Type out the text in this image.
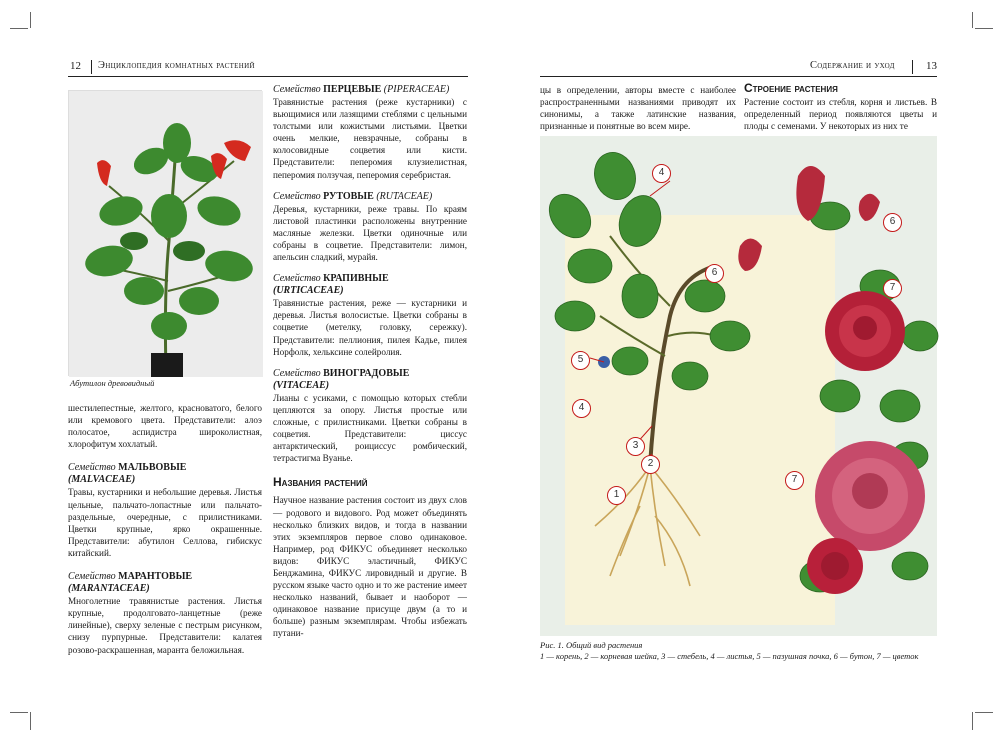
12 Энциклопедия комнатных растений
Абутилон древовидный

шестилепестные, желтого, красноватого, белого или кремового цвета. Представители: алоэ полосатое, аспидистра широколистная, хлорофитум хохлатый.

Семейство МАЛЬВОВЫЕ
(MALVACEAE)

Травы, кустарники и небольшие деревья. Листья цельные, пальчато-лопастные или пальчато-раздельные, очередные, с прилистниками. Цветки крупные, ярко окрашенные. Представители: абутилон Селлова, гибискус китайский.

Семейство МАРАНТОВЫЕ
(MARANTACEAE)

Многолетние травянистые растения. Листья крупные, продолговато-ланцетные (реже линейные), сверху зеленые с пестрым рисунком, снизу пурпурные. Представители: калатея розово-раскрашенная, маранта беложильная.

Семейство ПЕРЦЕВЫЕ (PIPERACEAE)

Травянистые растения (реже кустарники) с вьющимися или лазящими стеблями с цельными толстыми или кожистыми листьями. Цветки очень мелкие, невзрачные, собраны в колосовидные соцветия или кисти. Представители: пеперомия клузиелистная, пеперомия ползучая, пеперомия серебристая.

Семейство РУТОВЫЕ (RUTACEAE)

Деревья, кустарники, реже травы. По краям листовой пластинки расположены внутренние масляные железки. Цветки одиночные или собраны в соцветие. Представители: лимон, апельсин сладкий, мурайя.

Семейство КРАПИВНЫЕ
(URTICACEAE)

Травянистые растения, реже — кустарники и деревья. Листья волосистые. Цветки собраны в соцветие (метелку, головку, сережку). Представители: пеллиония, пилея Кадье, пилея Норфолк, хельксине солейролия.

Семейство ВИНОГРАДОВЫЕ
(VITACEAE)

Лианы с усиками, с помощью которых стебли цепляются за опору. Листья простые или сложные, с прилистниками. Цветки собраны в соцветия. Представители: циссус антарктический, роициссус ромбический, тетрастигма Вуанье.

Названия растений

Научное название растения состоит из двух слов — родового и видового. Род может объединять несколько близких видов, и тогда в названии этих экземпляров первое слово одинаковое. Например, род ФИКУС объединяет несколько видов: ФИКУС эластичный, ФИКУС Бенджамина, ФИКУС лировидный и другие. В русском языке часто одно и то же растение имеет несколько названий, бывает и наоборот — одинаковое название присуще двум (а то и больше) разным экземплярам. Чтобы избежать путани-

Содержание и уход	13

цы в определении, авторы вместе с наиболее распространенными названиями приводят их синонимы, а также латинские названия, признанные и понятные во всем мире.

Строение растения

Растение состоит из стебля, корня и листьев. В определенный период появляются цветы и плоды с семенами. У некоторых из них те

4
6
6
7
5
4
3
2
7
1
Рис. 1. Общий вид растения
1 — корень, 2 — корневая шейка, 3 — стебель, 4 — листья, 5 — пазушная почка, 6 — бутон, 7 — цветок
